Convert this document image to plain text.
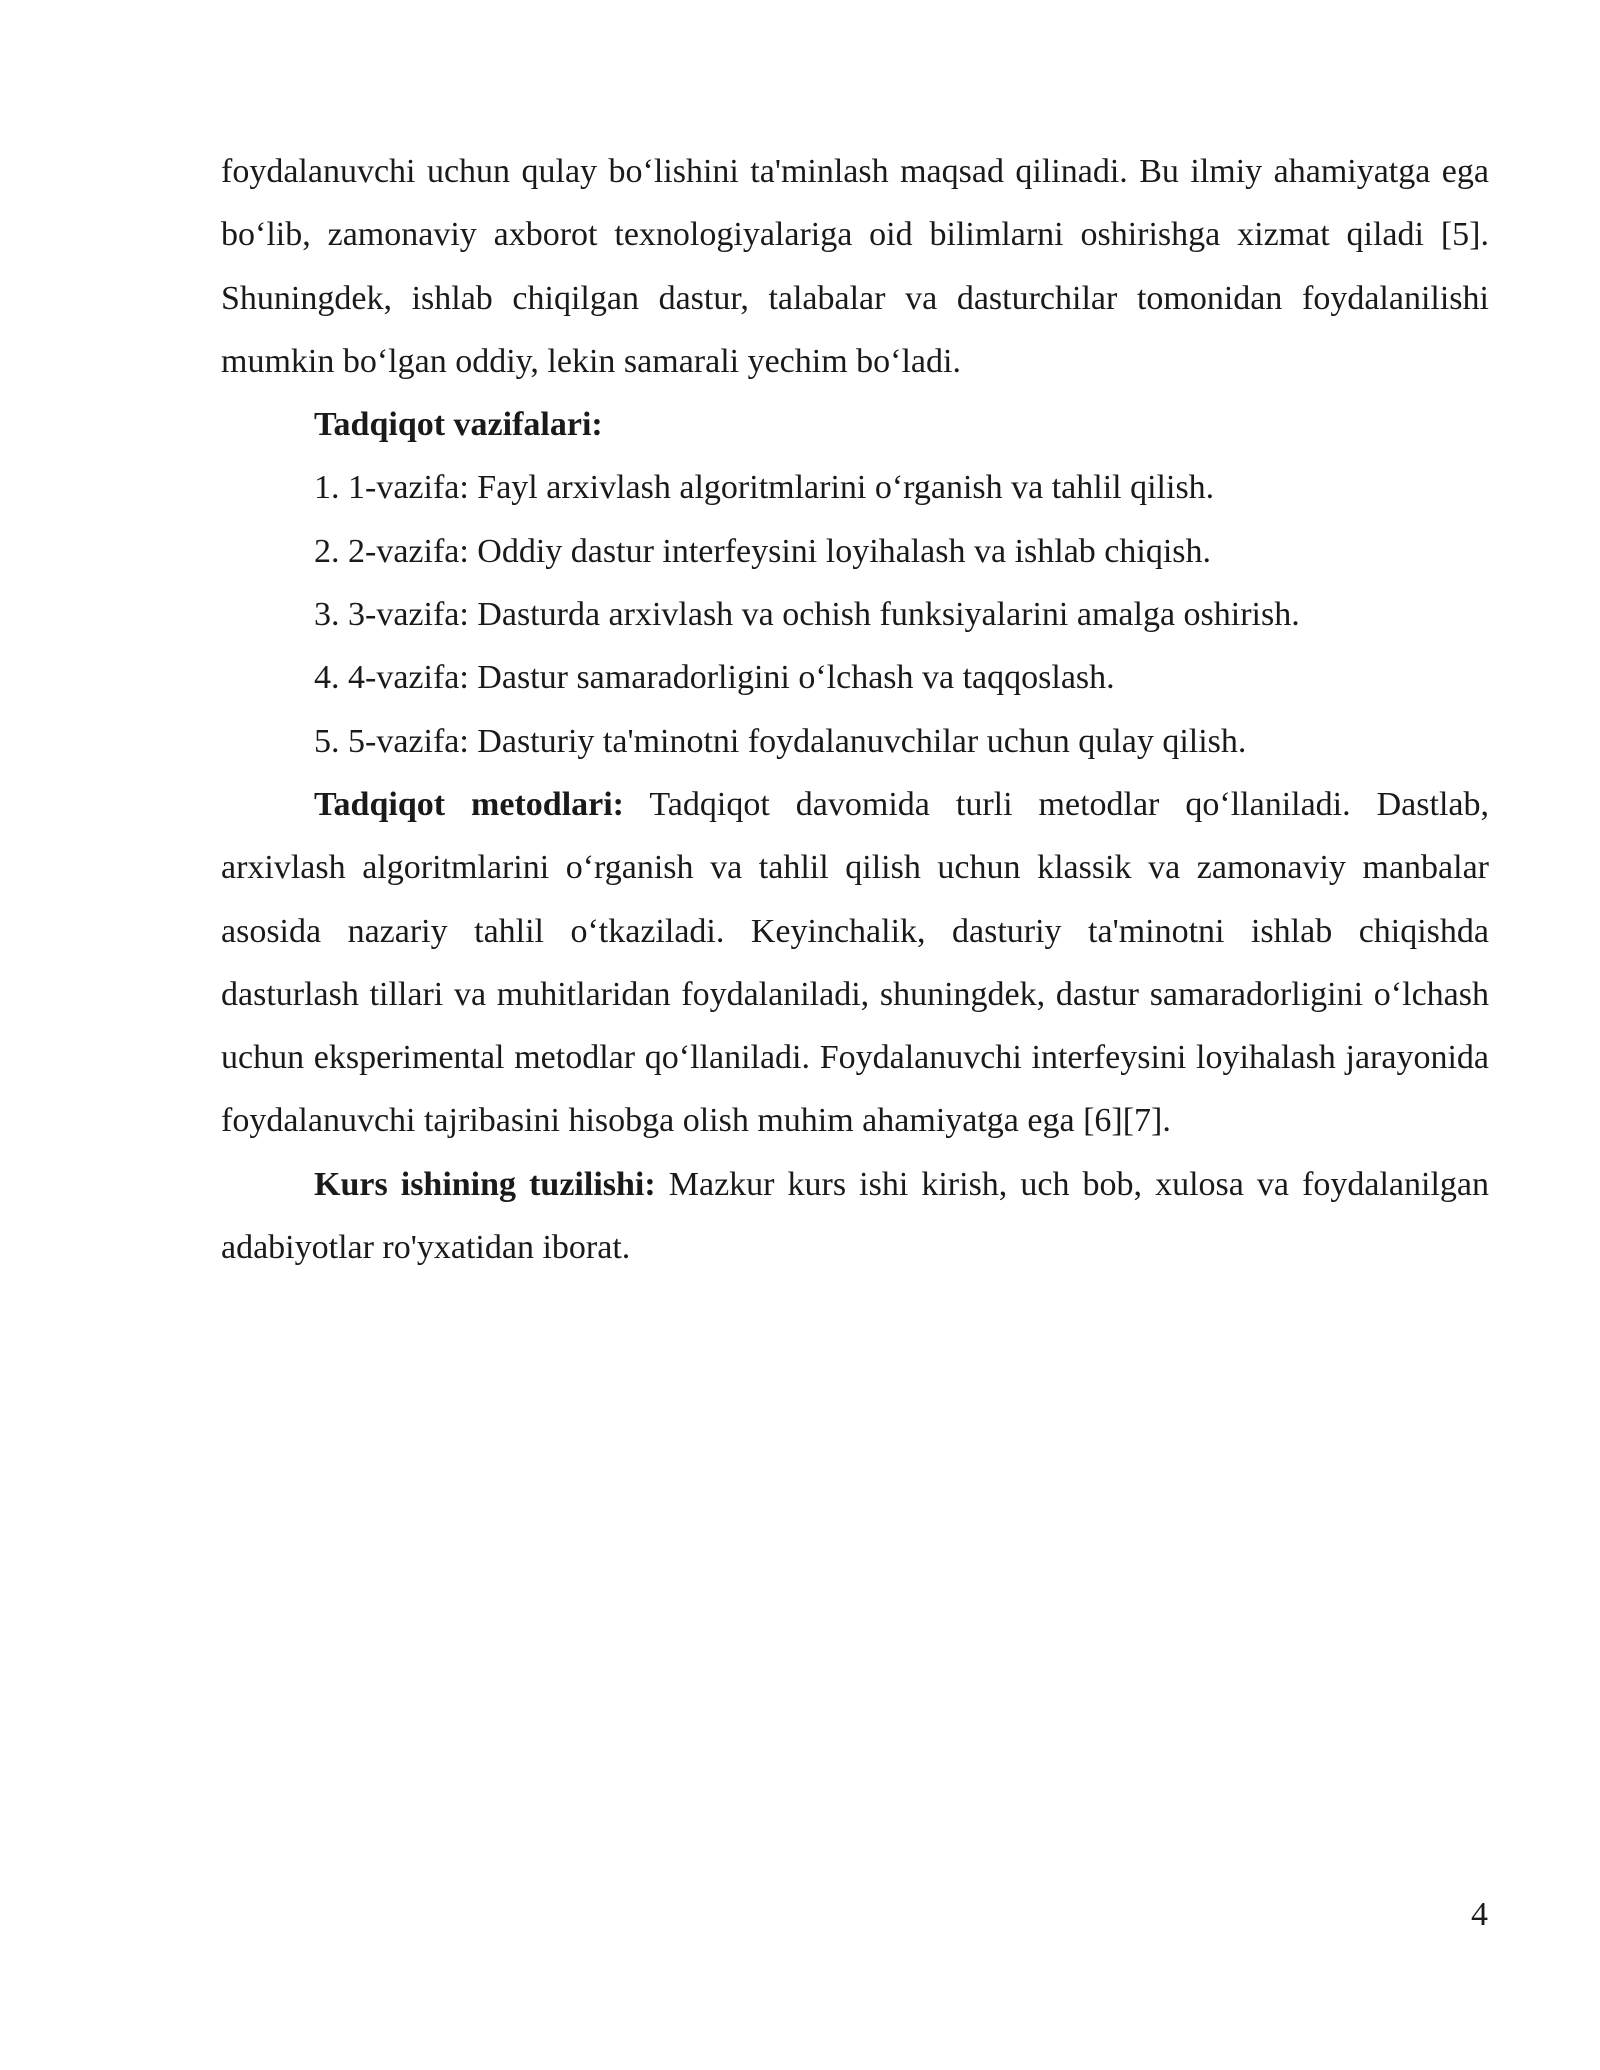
foydalanuvchi uchun qulay bo‘lishini ta'minlash maqsad qilinadi. Bu ilmiy ahamiyatga ega bo‘lib, zamonaviy axborot texnologiyalariga oid bilimlarni oshirishga xizmat qiladi [5]. Shuningdek, ishlab chiqilgan dastur, talabalar va dasturchilar tomonidan foydalanilishi mumkin bo‘lgan oddiy, lekin samarali yechim bo‘ladi.

Tadqiqot vazifalari:

1. 1-vazifa: Fayl arxivlash algoritmlarini o‘rganish va tahlil qilish.

2. 2-vazifa: Oddiy dastur interfeysini loyihalash va ishlab chiqish.

3. 3-vazifa: Dasturda arxivlash va ochish funksiyalarini amalga oshirish.

4. 4-vazifa: Dastur samaradorligini o‘lchash va taqqoslash.

5. 5-vazifa: Dasturiy ta'minotni foydalanuvchilar uchun qulay qilish.

Tadqiqot metodlari: Tadqiqot davomida turli metodlar qo‘llaniladi. Dastlab, arxivlash algoritmlarini o‘rganish va tahlil qilish uchun klassik va zamonaviy manbalar asosida nazariy tahlil o‘tkaziladi. Keyinchalik, dasturiy ta'minotni ishlab chiqishda dasturlash tillari va muhitlaridan foydalaniladi, shuningdek, dastur samaradorligini o‘lchash uchun eksperimental metodlar qo‘llaniladi. Foydalanuvchi interfeysini loyihalash jarayonida foydalanuvchi tajribasini hisobga olish muhim ahamiyatga ega [6][7].

Kurs ishining tuzilishi: Mazkur kurs ishi kirish, uch bob, xulosa va foydalanilgan adabiyotlar ro'yxatidan iborat.

4
